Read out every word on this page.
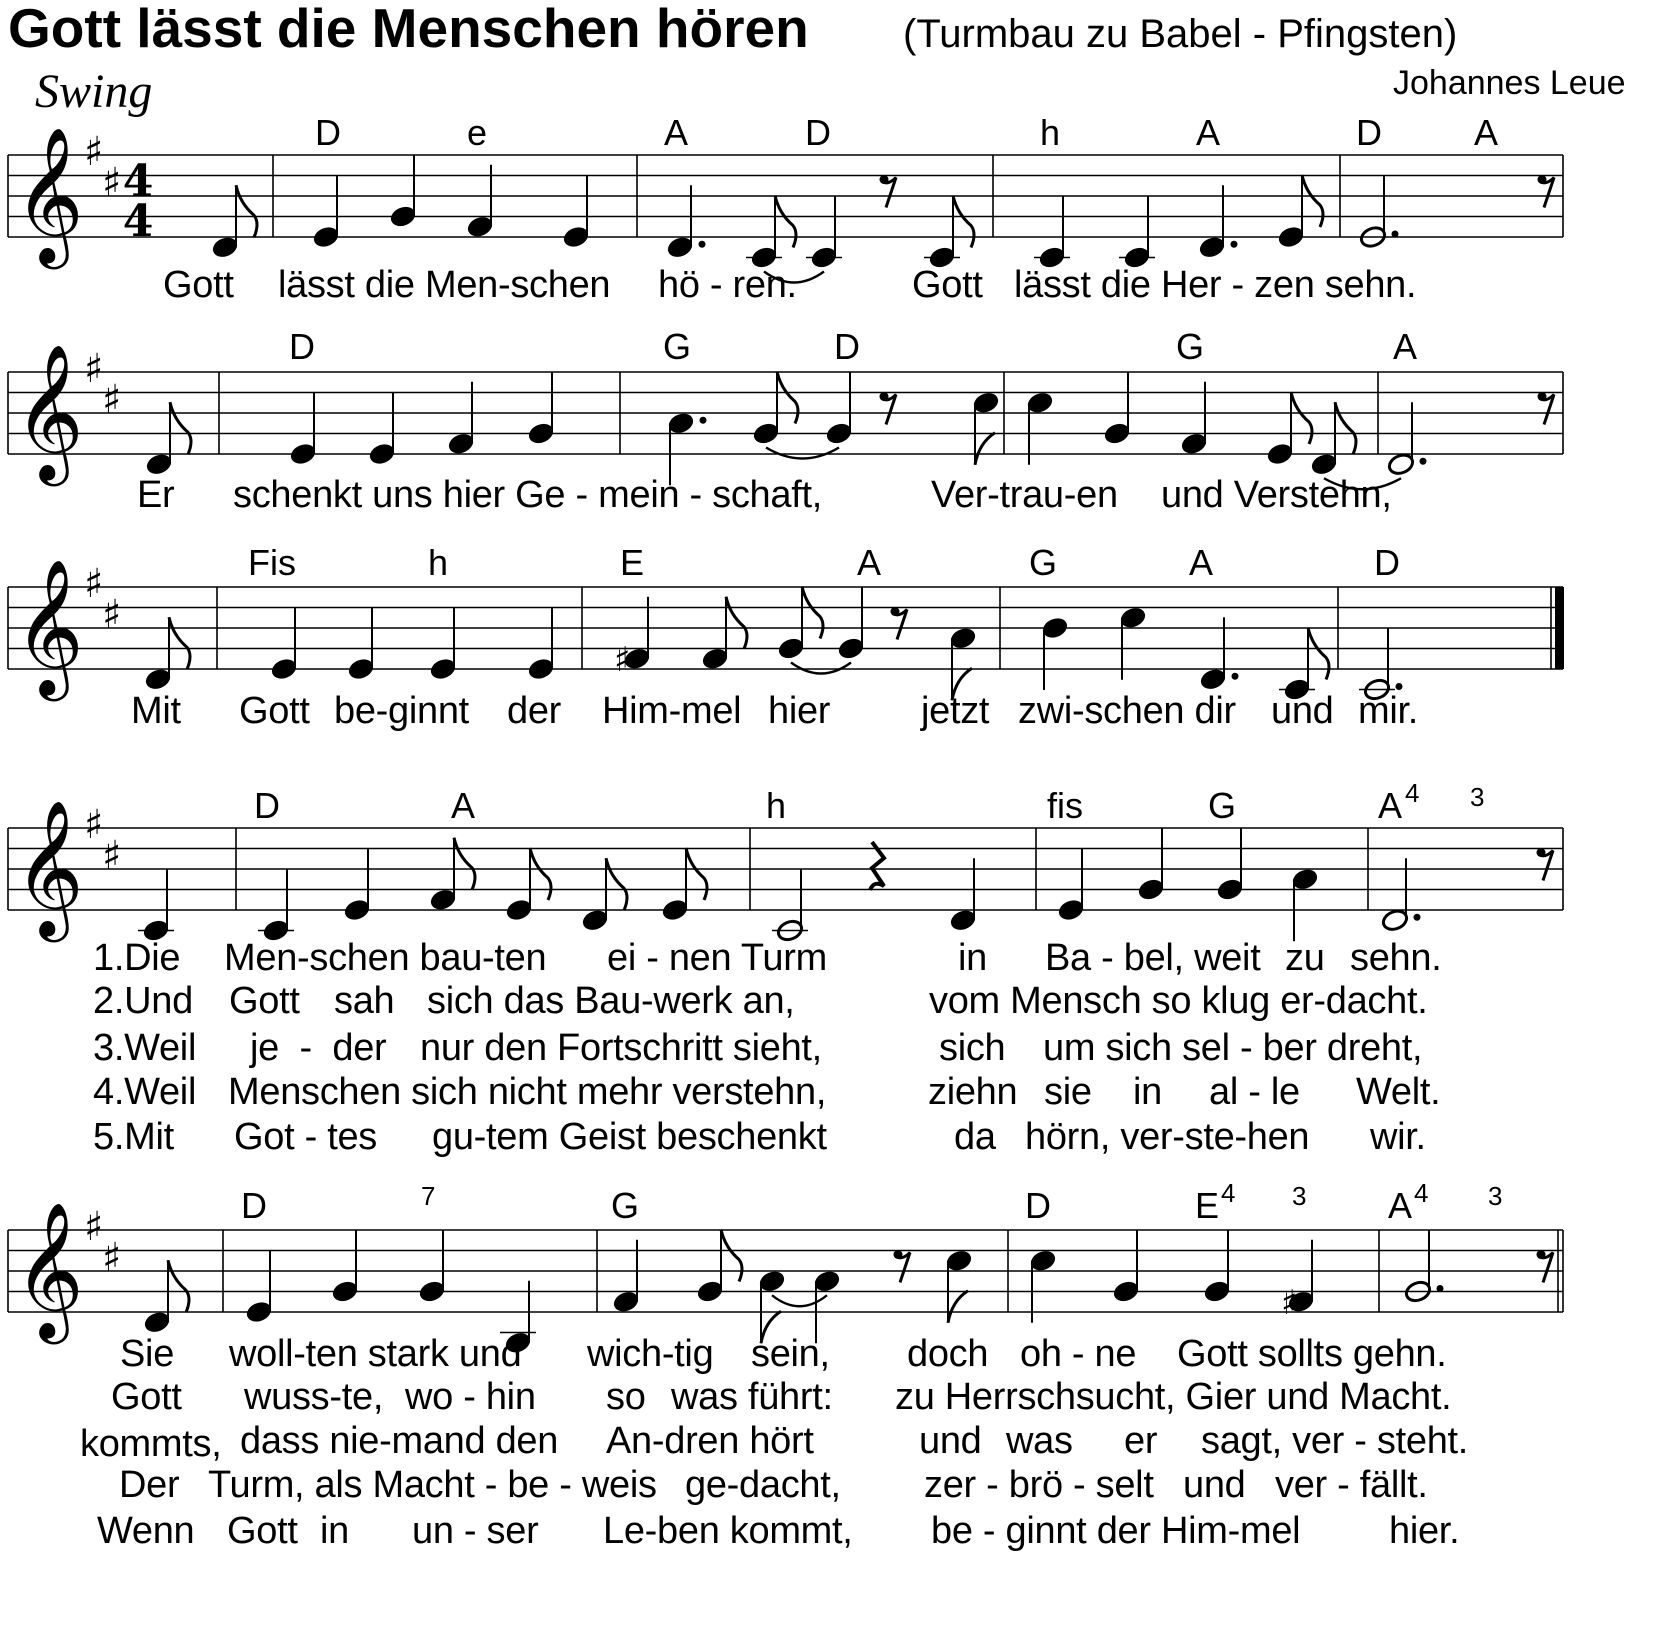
Gott lässt die Menschen hören (Turmbau zu Babel - Pfingsten)
Swing	Johannes Leue
𝄞 ♯
♯
𝄞 ♯
♯
𝄞 ♯
♯
𝄞 ♯
♯
𝄞 ♯
♯
♯
♯
4
4
D	e	A	D	h	A	D	A
Gott lässt die Men-schen hö - ren.	Gott lässt die Her - zen sehn.
D	G	D	G	A
Er schenkt uns hier Ge - mein - schaft,	Ver-trau-en und Verstehn,
Fis	h	E	A	G	A	D
Mit Gott be-ginnt der Him-mel hier jetzt zwi-schen dir und mir.
D	A	h	fis	G	A 4 3
1.Die Men-schen bau-ten ei - nen Turm	in Ba - bel, weit zu sehn.
2.Und Gott sah sich das Bau-werk an,	vom Mensch so klug er-dacht.
3.Weil je  -  der nur den Fortschritt sieht,	sich um sich sel - ber dreht,
4.Weil Menschen sich nicht mehr verstehn,	ziehn sie in al - le Welt.
5.Mit Got - tes gu-tem Geist beschenkt	da hörn, ver-ste-hen wir.
D	7	G	D	E 4 3 A 4 3
Sie woll-ten stark und wich-tig sein, doch oh - ne Gott sollts gehn.
Gott wuss-te, wo - hin so was führt: zu Herrschsucht, Gier und Macht.
kommts, dass nie-mand den An-dren hört	und was er sagt, ver - steht.
Der Turm, als Macht - be - weis ge-dacht, zer - brö - selt und ver - fällt.
Wenn Gott in un - ser Le-ben kommt, be - ginnt der Him-mel hier.
